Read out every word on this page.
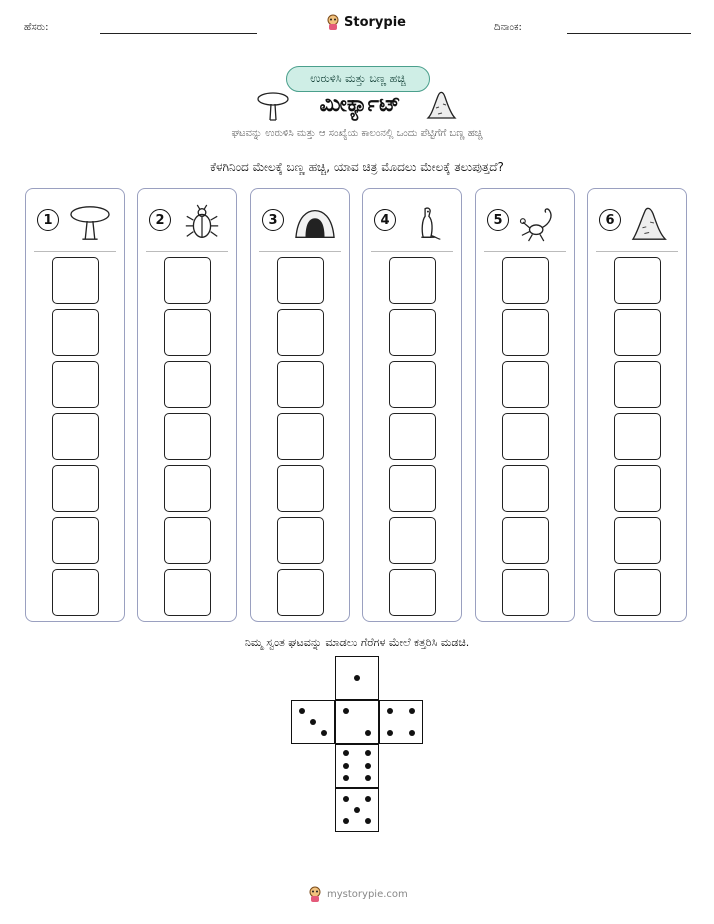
ಹೆಸರು:	Storypie	ದಿನಾಂಕ:
ಉರುಳಿಸಿ ಮತ್ತು ಬಣ್ಣ ಹಚ್ಚಿ
ಮೀರ್ಕ್ಯಾಟ್
ಘಟವನ್ನು ಉರುಳಿಸಿ ಮತ್ತು ಆ ಸಂಖ್ಯೆಯ ಕಾಲಂನಲ್ಲಿ ಒಂದು ಪೆಟ್ಟಿಗೆಗೆ ಬಣ್ಣ ಹಚ್ಚಿ
ಕೆಳಗಿನಿಂದ ಮೇಲಕ್ಕೆ ಬಣ್ಣ ಹಚ್ಚಿ, ಯಾವ ಚಿತ್ರ ಮೊದಲು ಮೇಲಕ್ಕೆ ತಲುಪುತ್ತದೆ?
1	2	3	4	5	6
ನಿಮ್ಮ ಸ್ವಂತ ಘಟವನ್ನು ಮಾಡಲು ಗೆರೆಗಳ ಮೇಲೆ ಕತ್ತರಿಸಿ ಮಡಚಿ.
mystorypie.com
